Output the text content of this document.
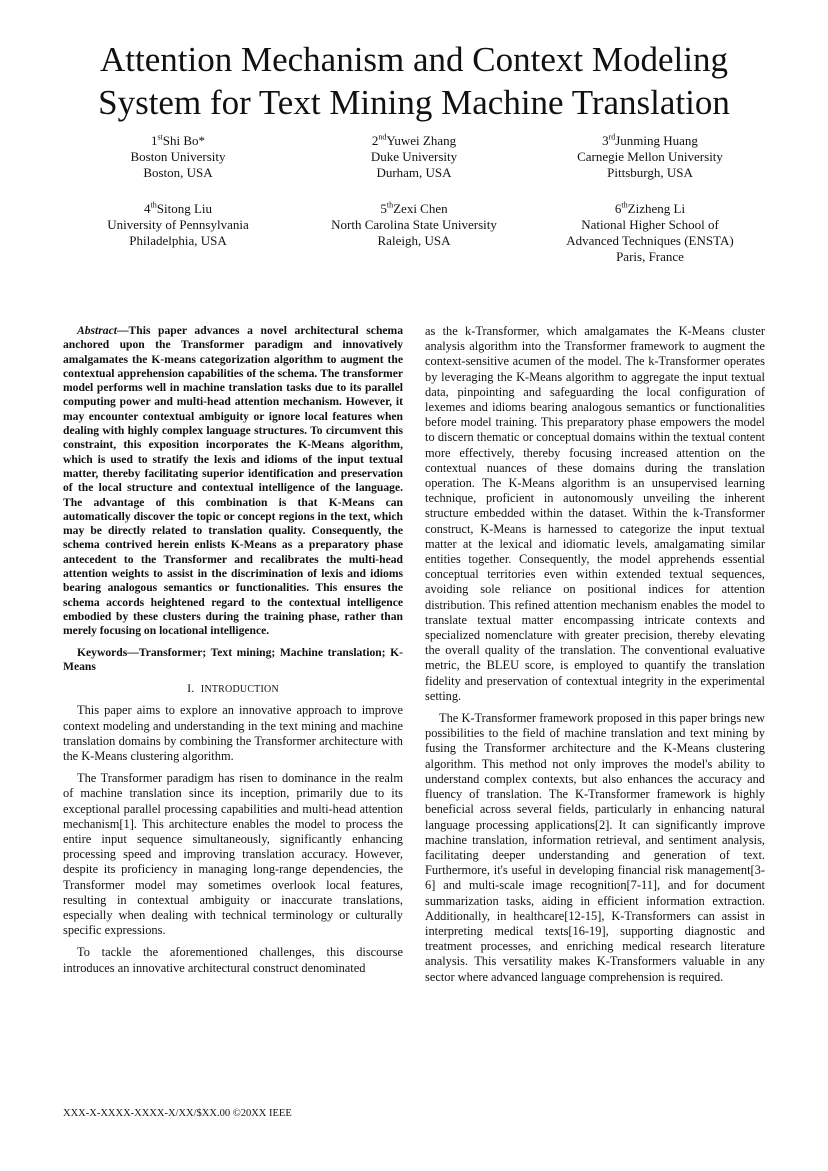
Attention Mechanism and Context Modeling System for Text Mining Machine Translation
1stShi Bo*
Boston University
Boston, USA
2ndYuwei Zhang
Duke University
Durham, USA
3rdJunming Huang
Carnegie Mellon University
Pittsburgh, USA
4thSitong Liu
University of Pennsylvania
Philadelphia, USA
5thZexi Chen
North Carolina State University
Raleigh, USA
6thZizheng Li
National Higher School of
Advanced Techniques (ENSTA)
Paris, France

Abstract—This paper advances a novel architectural schema anchored upon the Transformer paradigm and innovatively amalgamates the K-means categorization algorithm to augment the contextual apprehension capabilities of the schema. The transformer model performs well in machine translation tasks due to its parallel computing power and multi-head attention mechanism. However, it may encounter contextual ambiguity or ignore local features when dealing with highly complex language structures. To circumvent this constraint, this exposition incorporates the K-Means algorithm, which is used to stratify the lexis and idioms of the input textual matter, thereby facilitating superior identification and preservation of the local structure and contextual intelligence of the language. The advantage of this combination is that K-Means can automatically discover the topic or concept regions in the text, which may be directly related to translation quality. Consequently, the schema contrived herein enlists K-Means as a preparatory phase antecedent to the Transformer and recalibrates the multi-head attention weights to assist in the discrimination of lexis and idioms bearing analogous semantics or functionalities. This ensures the schema accords heightened regard to the contextual intelligence embodied by these clusters during the training phase, rather than merely focusing on locational intelligence.

Keywords—Transformer; Text mining; Machine translation; K-Means

I. INTRODUCTION

This paper aims to explore an innovative approach to improve context modeling and understanding in the text mining and machine translation domains by combining the Transformer architecture with the K-Means clustering algorithm.

The Transformer paradigm has risen to dominance in the realm of machine translation since its inception, primarily due to its exceptional parallel processing capabilities and multi-head attention mechanism[1]. This architecture enables the model to process the entire input sequence simultaneously, significantly enhancing processing speed and improving translation accuracy. However, despite its proficiency in managing long-range dependencies, the Transformer model may sometimes overlook local features, resulting in contextual ambiguity or inaccurate translations, especially when dealing with technical terminology or culturally specific expressions.

To tackle the aforementioned challenges, this discourse introduces an innovative architectural construct denominated

as the k-Transformer, which amalgamates the K-Means cluster analysis algorithm into the Transformer framework to augment the context-sensitive acumen of the model. The k-Transformer operates by leveraging the K-Means algorithm to aggregate the input textual data, pinpointing and safeguarding the local configuration of lexemes and idioms bearing analogous semantics or functionalities before model training. This preparatory phase empowers the model to discern thematic or conceptual domains within the textual content more effectively, thereby focusing increased attention on the contextual nuances of these domains during the translation operation. The K-Means algorithm is an unsupervised learning technique, proficient in autonomously unveiling the inherent structure embedded within the dataset. Within the k-Transformer construct, K-Means is harnessed to categorize the input textual matter at the lexical and idiomatic levels, amalgamating similar entities together. Consequently, the model apprehends essential conceptual territories even within extended textual sequences, avoiding sole reliance on positional indices for attention distribution. This refined attention mechanism enables the model to translate textual matter encompassing intricate contexts and specialized nomenclature with greater precision, thereby elevating the overall quality of the translation. The conventional evaluative metric, the BLEU score, is employed to quantify the translation fidelity and preservation of contextual integrity in the experimental setting.

The K-Transformer framework proposed in this paper brings new possibilities to the field of machine translation and text mining by fusing the Transformer architecture and the K-Means clustering algorithm. This method not only improves the model's ability to understand complex contexts, but also enhances the accuracy and fluency of translation. The K-Transformer framework is highly beneficial across several fields, particularly in enhancing natural language processing applications[2]. It can significantly improve machine translation, information retrieval, and sentiment analysis, facilitating deeper understanding and generation of text. Furthermore, it's useful in developing financial risk management[3-6] and multi-scale image recognition[7-11], and for document summarization tasks, aiding in efficient information extraction. Additionally, in healthcare[12-15], K-Transformers can assist in interpreting medical texts[16-19], supporting diagnostic and treatment processes, and enriching medical research literature analysis. This versatility makes K-Transformers valuable in any sector where advanced language comprehension is required.

XXX-X-XXXX-XXXX-X/XX/$XX.00 ©20XX IEEE
